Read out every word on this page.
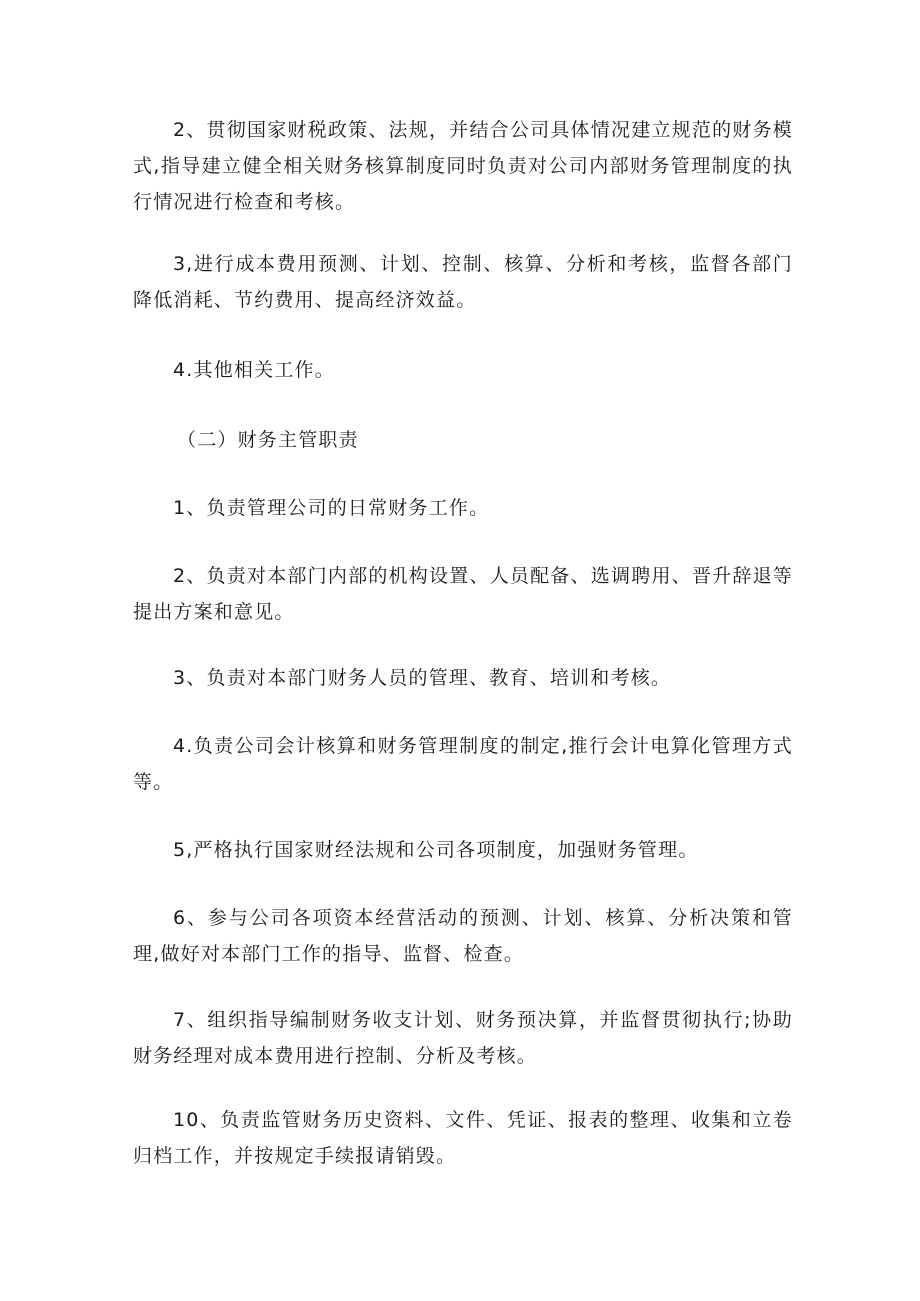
2、贯彻国家财税政策、法规，并结合公司具体情况建立规范的财务模式,指导建立健全相关财务核算制度同时负责对公司内部财务管理制度的执行情况进行检查和考核。

3,进行成本费用预测、计划、控制、核算、分析和考核，监督各部门降低消耗、节约费用、提高经济效益。

4.其他相关工作。

（二）财务主管职责

1、负责管理公司的日常财务工作。

2、负责对本部门内部的机构设置、人员配备、选调聘用、晋升辞退等提出方案和意见。

3、负责对本部门财务人员的管理、教育、培训和考核。

4.负责公司会计核算和财务管理制度的制定,推行会计电算化管理方式等。

5,严格执行国家财经法规和公司各项制度，加强财务管理。

6、参与公司各项资本经营活动的预测、计划、核算、分析决策和管理,做好对本部门工作的指导、监督、检查。

7、组织指导编制财务收支计划、财务预决算，并监督贯彻执行;协助财务经理对成本费用进行控制、分析及考核。

10、负责监管财务历史资料、文件、凭证、报表的整理、收集和立卷归档工作，并按规定手续报请销毁。
